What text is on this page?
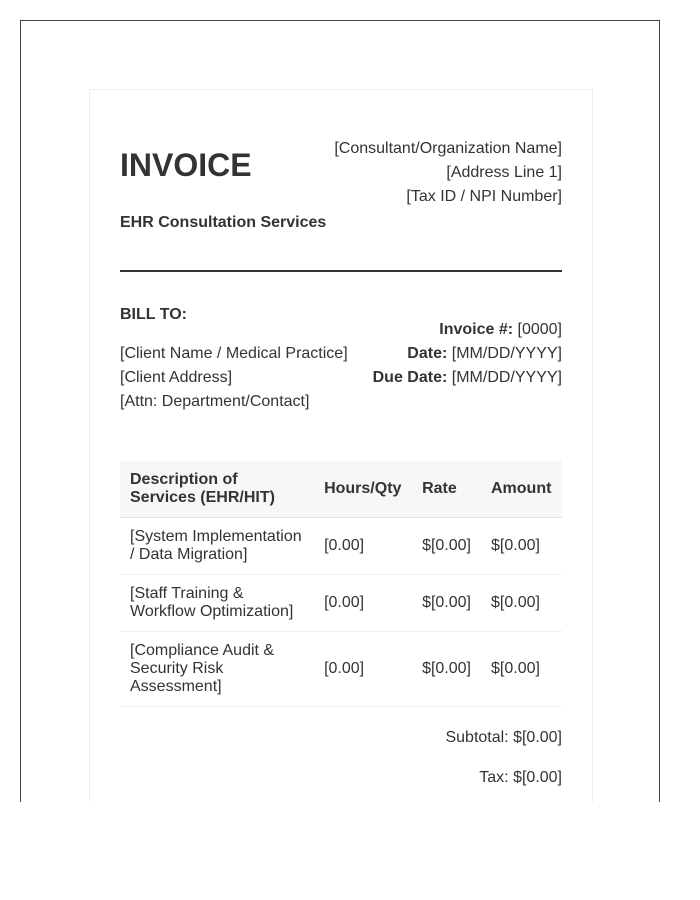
INVOICE
EHR Consultation Services
[Consultant/Organization Name]
[Address Line 1]
[Tax ID / NPI Number]
BILL TO:
[Client Name / Medical Practice]
[Client Address]
[Attn: Department/Contact]
Invoice #: [0000]
Date: [MM/DD/YYYY]
Due Date: [MM/DD/YYYY]
Description of Services (EHR/HIT)	Hours/Qty	Rate	Amount
[System Implementation / Data Migration]	[0.00]	$[0.00]	$[0.00]
[Staff Training & Workflow Optimization]	[0.00]	$[0.00]	$[0.00]
[Compliance Audit & Security Risk Assessment]	[0.00]	$[0.00]	$[0.00]
Subtotal: $[0.00]
Tax: $[0.00]
